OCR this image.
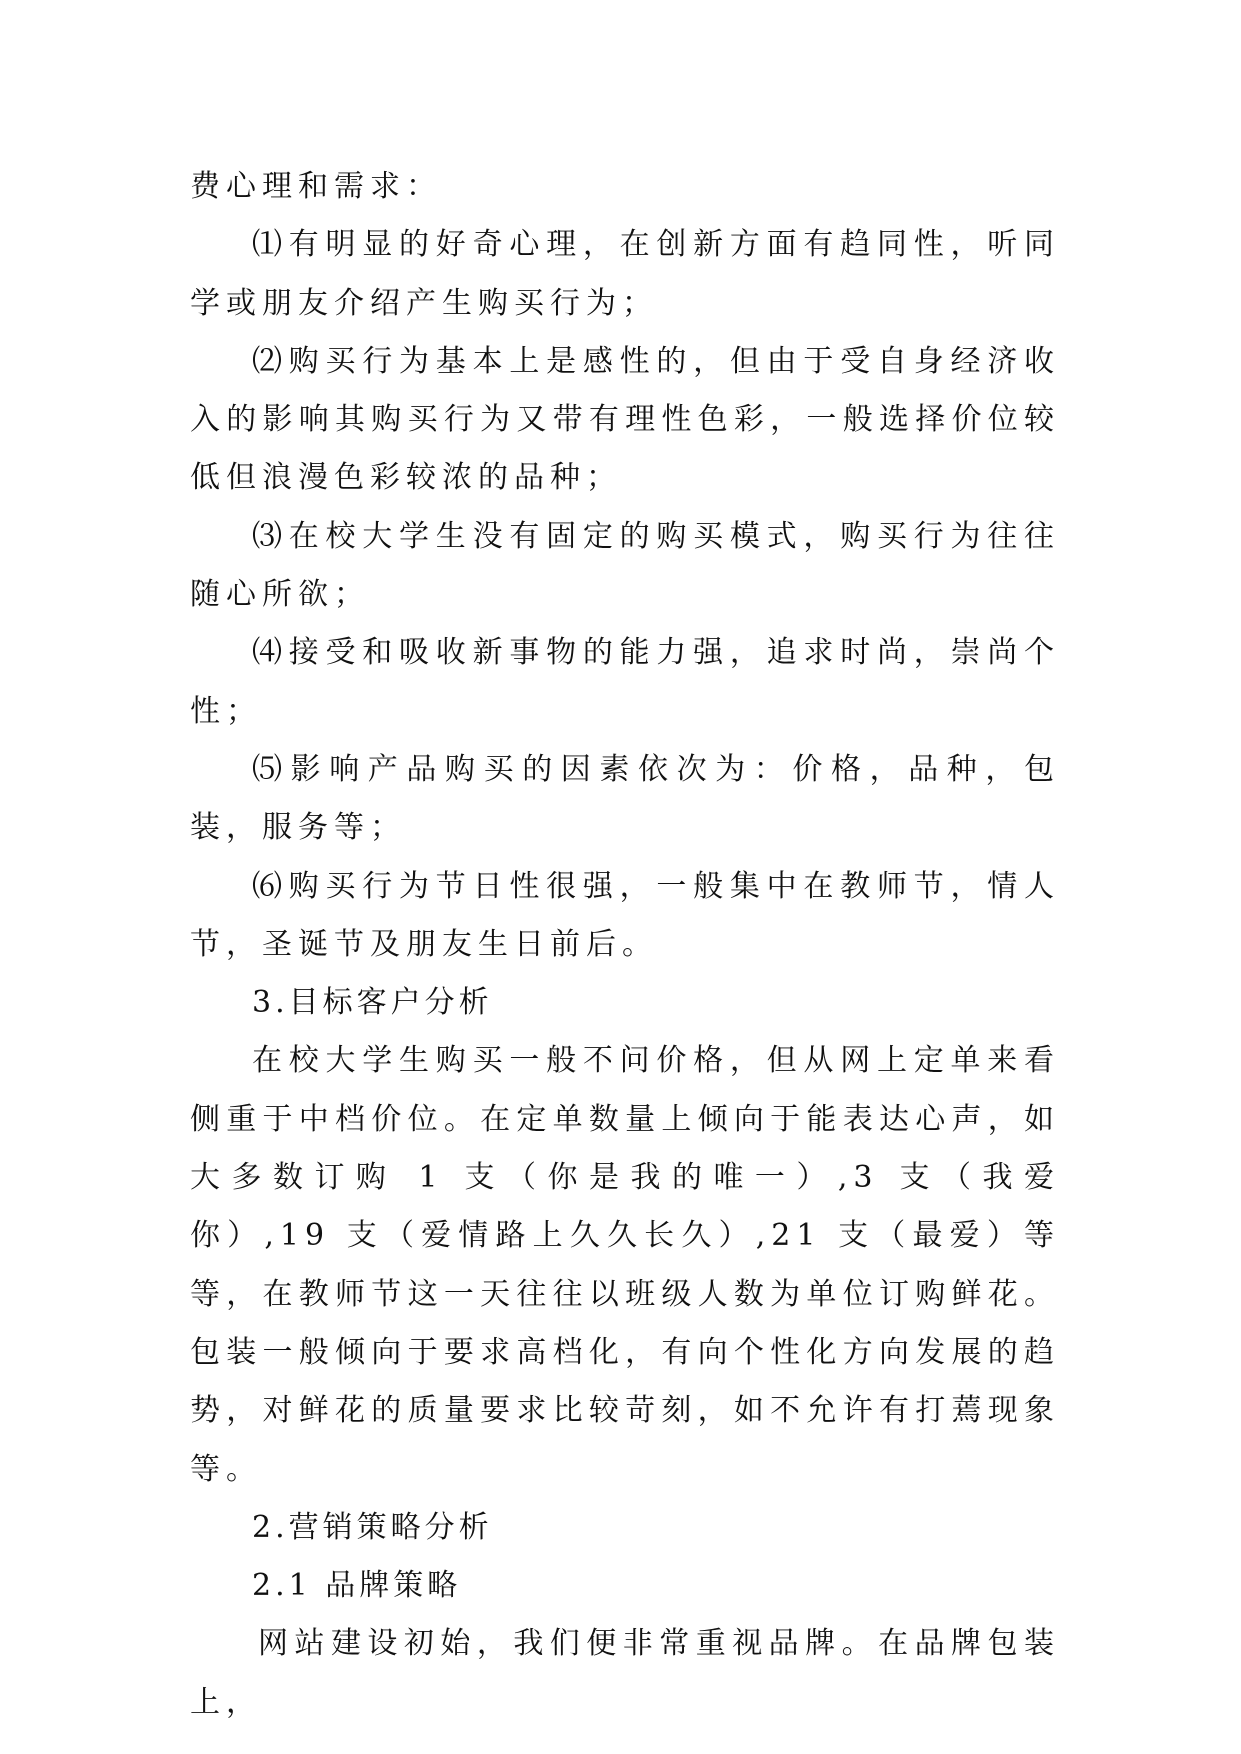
费心理和需求：

⑴有明显的好奇心理，在创新方面有趋同性，听同学或朋友介绍产生购买行为；

⑵购买行为基本上是感性的，但由于受自身经济收入的影响其购买行为又带有理性色彩，一般选择价位较低但浪漫色彩较浓的品种；

⑶在校大学生没有固定的购买模式，购买行为往往随心所欲；

⑷接受和吸收新事物的能力强，追求时尚，崇尚个性；

⑸影响产品购买的因素依次为：价格，品种，包装，服务等；

⑹购买行为节日性很强，一般集中在教师节，情人节，圣诞节及朋友生日前后。

3.目标客户分析

在校大学生购买一般不问价格，但从网上定单来看侧重于中档价位。在定单数量上倾向于能表达心声，如大多数订购 1 支（你是我的唯一）,3 支（我爱你）,19 支（爱情路上久久长久）,21 支（最爱）等等，在教师节这一天往往以班级人数为单位订购鲜花。包装一般倾向于要求高档化，有向个性化方向发展的趋势，对鲜花的质量要求比较苛刻，如不允许有打蔫现象等。

2.营销策略分析

2.1 品牌策略

网站建设初始，我们便非常重视品牌。在品牌包装上，
